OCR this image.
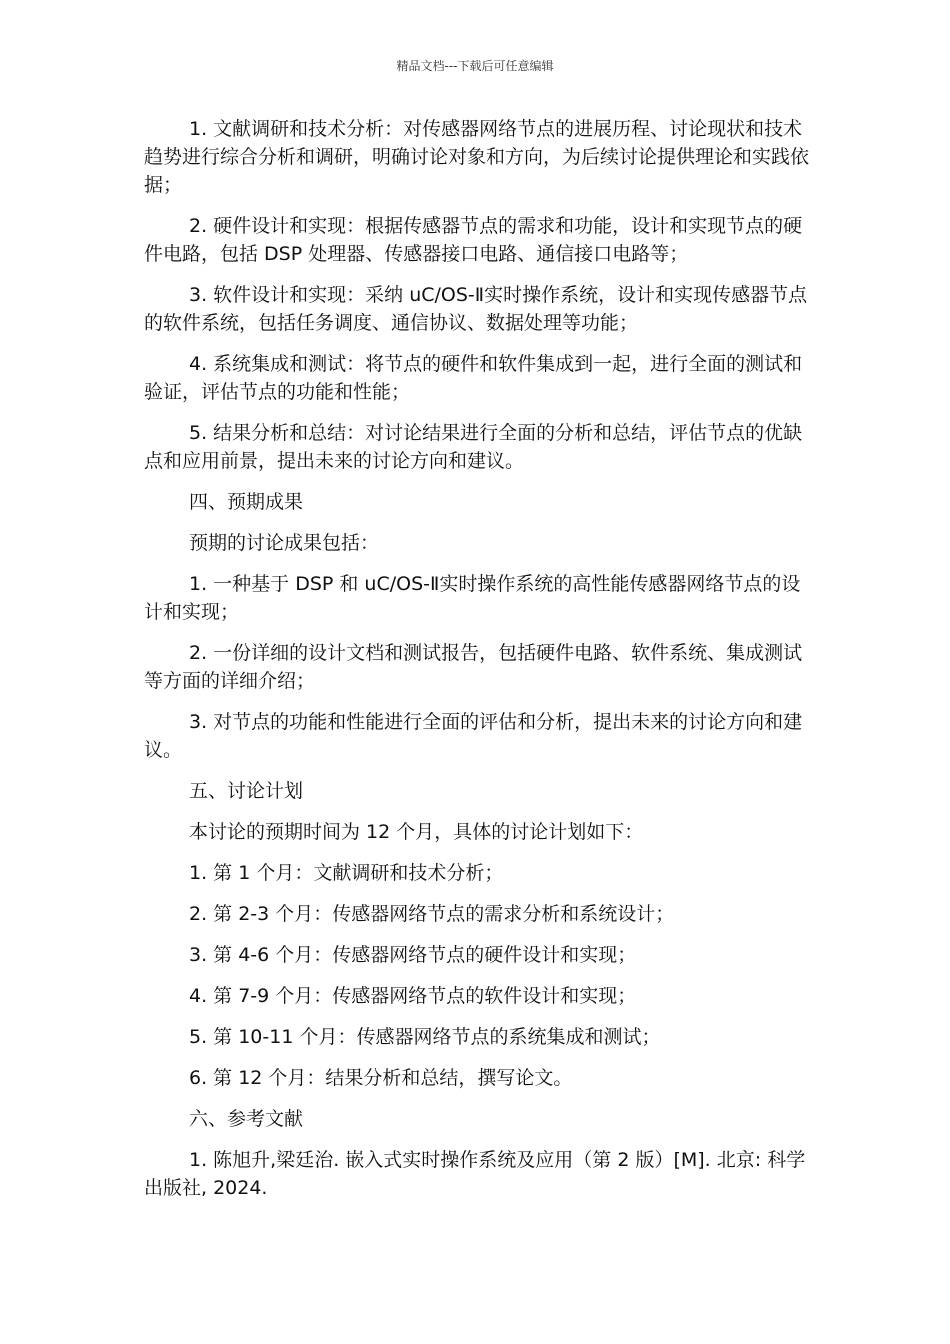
精品文档---下载后可任意编辑

1. 文献调研和技术分析：对传感器网络节点的进展历程、讨论现状和技术趋势进行综合分析和调研，明确讨论对象和方向，为后续讨论提供理论和实践依据；

2. 硬件设计和实现：根据传感器节点的需求和功能，设计和实现节点的硬件电路，包括 DSP 处理器、传感器接口电路、通信接口电路等；

3. 软件设计和实现：采纳 uC/OS-Ⅱ实时操作系统，设计和实现传感器节点的软件系统，包括任务调度、通信协议、数据处理等功能；

4. 系统集成和测试：将节点的硬件和软件集成到一起，进行全面的测试和验证，评估节点的功能和性能；

5. 结果分析和总结：对讨论结果进行全面的分析和总结，评估节点的优缺点和应用前景，提出未来的讨论方向和建议。

四、预期成果

预期的讨论成果包括：

1. 一种基于 DSP 和 uC/OS-Ⅱ实时操作系统的高性能传感器网络节点的设计和实现；

2. 一份详细的设计文档和测试报告，包括硬件电路、软件系统、集成测试等方面的详细介绍；

3. 对节点的功能和性能进行全面的评估和分析，提出未来的讨论方向和建议。

五、讨论计划

本讨论的预期时间为 12 个月，具体的讨论计划如下：

1. 第 1 个月：文献调研和技术分析；

2. 第 2-3 个月：传感器网络节点的需求分析和系统设计；

3. 第 4-6 个月：传感器网络节点的硬件设计和实现；

4. 第 7-9 个月：传感器网络节点的软件设计和实现；

5. 第 10-11 个月：传感器网络节点的系统集成和测试；

6. 第 12 个月：结果分析和总结，撰写论文。

六、参考文献

1. 陈旭升,梁廷治. 嵌入式实时操作系统及应用（第 2 版）[M]. 北京: 科学出版社, 2024.
